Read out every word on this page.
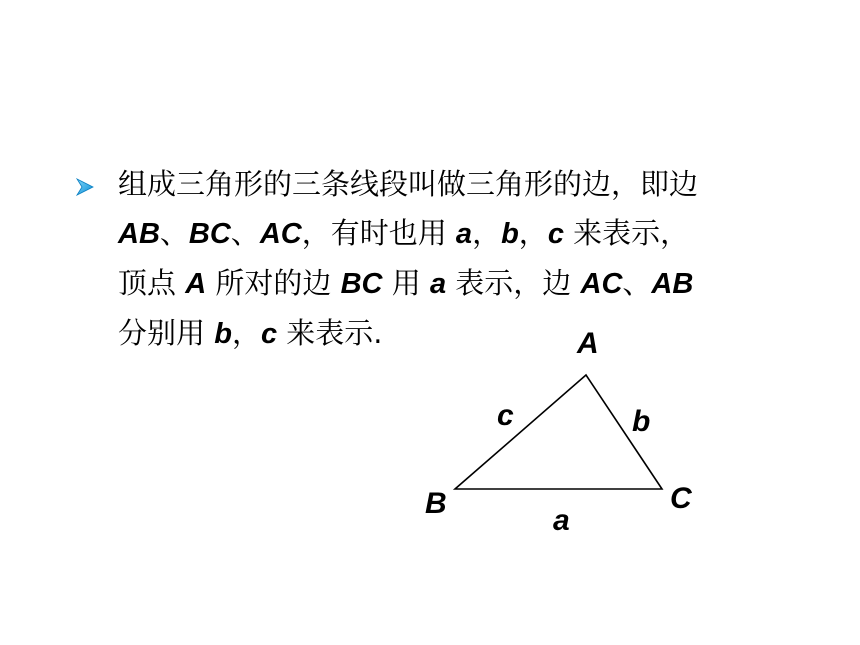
组成三角形的三条线段叫做三角形的边，即边
AB、BC、AC，有时也用 a，b，c 来表示，
顶点 A 所对的边 BC 用 a 表示，边 AC、AB
分别用 b，c 来表示.	A
B	C
c	b
a
